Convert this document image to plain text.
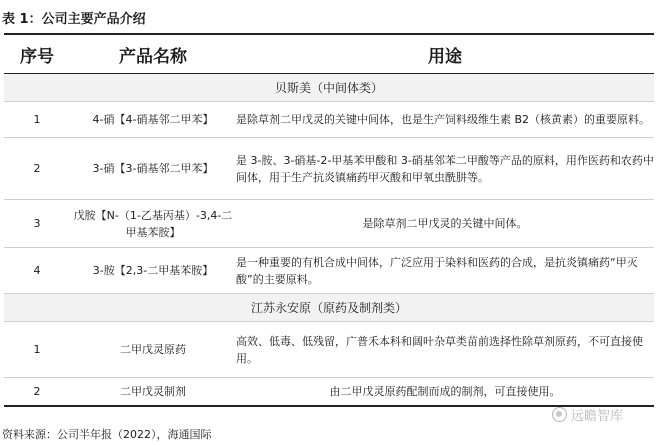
表 1：公司主要产品介绍
序号	产品名称	用途
贝斯美（中间体类）		
1	4-硝【4-硝基邻二甲苯】	是除草剂二甲戊灵的关键中间体，也是生产饲料级维生素 B2（核黄素）的重要原料。
2	3-硝【3-硝基邻二甲苯】	是 3-胺、3-硝基-2-甲基苯甲酸和 3-硝基邻苯二甲酸等产品的原料，用作医药和农药中间体，用于生产抗炎镇痛药甲灭酸和甲氧虫酰肼等。
3	戊胺【N-（1-乙基丙基）-3,4-二甲基苯胺】	是除草剂二甲戊灵的关键中间体。
4	3-胺【2,3-二甲基苯胺】	是一种重要的有机合成中间体，广泛应用于染料和医药的合成，是抗炎镇痛药“甲灭酸”的主要原料。
江苏永安原（原药及制剂类）		
1	二甲戊灵原药	高效、低毒、低残留，广普禾本科和阔叶杂草类苗前选择性除草剂原药，不可直接使用。
2	二甲戊灵制剂	由二甲戊灵原药配制而成的制剂，可直接使用。
资料来源：公司半年报（2022），海通国际
远瞻智库
